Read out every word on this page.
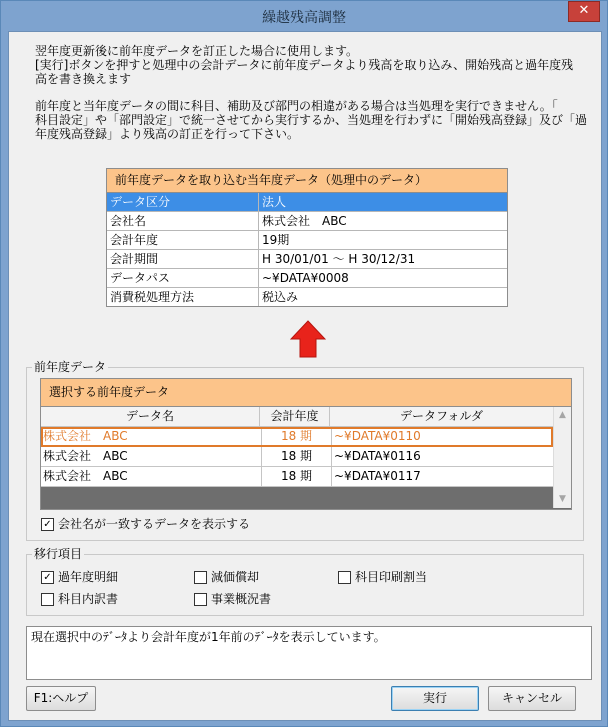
繰越残高調整	✕

翌年度更新後に前年度データを訂正した場合に使用します。
[実行]ボタンを押すと処理中の会計データに前年度データより残高を取り込み、開始残高と過年度残
高を書き換えます

前年度と当年度データの間に科目、補助及び部門の相違がある場合は当処理を実行できません。「
科目設定」や「部門設定」で統一させてから実行するか、当処理を行わずに「開始残高登録」及び「過
年度残高登録」より残高の訂正を行って下さい。

前年度データを取り込む当年度データ（処理中のデータ）
データ区分	法人
会社名	株式会社　ABC
会計年度	19期
会計期間	H 30/01/01 〜 H 30/12/31
データパス	~¥DATA¥0008
消費税処理方法	税込み
前年度データ
選択する前年度データ
データ名	会計年度	データフォルダ
株式会社　ABC	18 期	~¥DATA¥0110
株式会社　ABC	18 期	~¥DATA¥0116
株式会社　ABC	18 期	~¥DATA¥0117
▲
▼
✓ 会社名が一致するデータを表示する
移行項目
✓ 過年度明細	減価償却	科目印刷割当
科目内訳書	事業概況書
現在選択中のﾃﾞｰﾀより会計年度が1年前のﾃﾞｰﾀを表示しています。
F1:ヘルプ	実行	キャンセル
